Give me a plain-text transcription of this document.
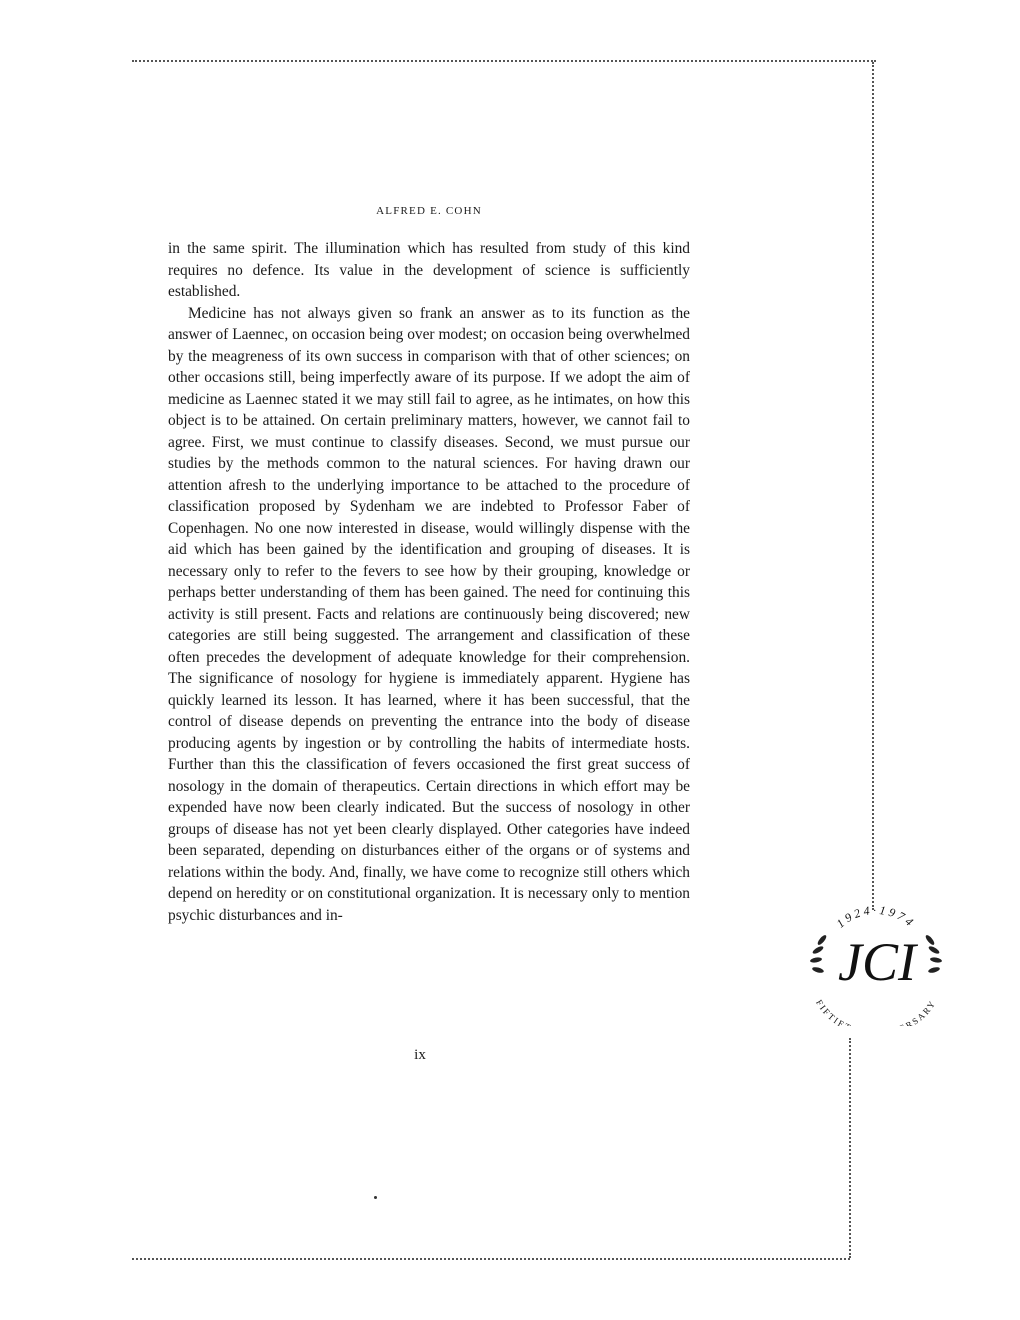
ALFRED E. COHN

in the same spirit. The illumination which has resulted from study of this kind requires no defence. Its value in the development of science is sufficiently established.

Medicine has not always given so frank an answer as to its function as the answer of Laennec, on occasion being over modest; on occasion being overwhelmed by the meagreness of its own success in comparison with that of other sciences; on other occasions still, being imperfectly aware of its purpose. If we adopt the aim of medicine as Laennec stated it we may still fail to agree, as he intimates, on how this object is to be attained. On certain preliminary matters, however, we cannot fail to agree. First, we must continue to classify diseases. Second, we must pursue our studies by the methods common to the natural sciences. For having drawn our attention afresh to the underlying importance to be attached to the procedure of classification proposed by Sydenham we are indebted to Professor Faber of Copenhagen. No one now interested in disease, would willingly dispense with the aid which has been gained by the identification and grouping of diseases. It is necessary only to refer to the fevers to see how by their grouping, knowledge or perhaps better understanding of them has been gained. The need for continuing this activity is still present. Facts and relations are continuously being discovered; new categories are still being suggested. The arrangement and classification of these often precedes the development of adequate knowledge for their comprehension. The significance of nosology for hygiene is immediately apparent. Hygiene has quickly learned its lesson. It has learned, where it has been successful, that the control of disease depends on preventing the entrance into the body of disease producing agents by ingestion or by controlling the habits of intermediate hosts. Further than this the classification of fevers occasioned the first great success of nosology in the domain of therapeutics. Certain directions in which effort may be expended have now been clearly indicated. But the success of nosology in other groups of disease has not yet been clearly displayed. Other categories have indeed been separated, depending on disturbances either of the organs or of systems and relations within the body. And, finally, we have come to recognize still others which depend on heredity or on constitutional organization. It is necessary only to mention psychic disturbances and in-

ix
1924·1974
FIFTIE RSARY
JCI
